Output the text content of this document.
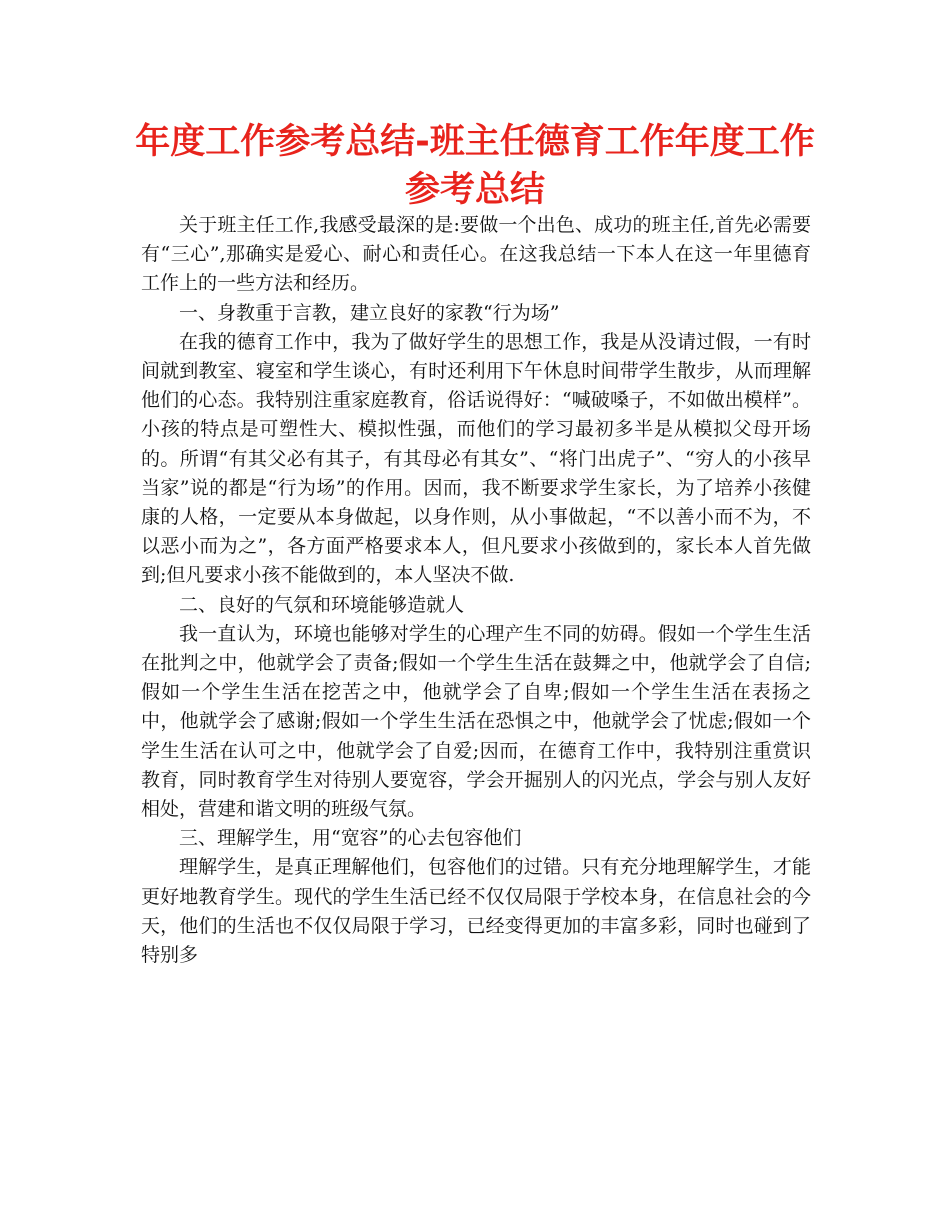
年度工作参考总结-班主任德育工作年度工作参考总结

关于班主任工作,我感受最深的是:要做一个出色、成功的班主任,首先必需要有“三心”,那确实是爱心、耐心和责任心。在这我总结一下本人在这一年里德育工作上的一些方法和经历。

一、身教重于言教，建立良好的家教“行为场”

在我的德育工作中，我为了做好学生的思想工作，我是从没请过假，一有时间就到教室、寝室和学生谈心，有时还利用下午休息时间带学生散步，从而理解他们的心态。我特别注重家庭教育，俗话说得好：“喊破嗓子，不如做出模样”。小孩的特点是可塑性大、模拟性强，而他们的学习最初多半是从模拟父母开场的。所谓“有其父必有其子，有其母必有其女”、“将门出虎子”、“穷人的小孩早当家”说的都是“行为场”的作用。因而，我不断要求学生家长，为了培养小孩健康的人格，一定要从本身做起，以身作则，从小事做起，“不以善小而不为，不以恶小而为之”，各方面严格要求本人，但凡要求小孩做到的，家长本人首先做到;但凡要求小孩不能做到的，本人坚决不做.

二、良好的气氛和环境能够造就人

我一直认为，环境也能够对学生的心理产生不同的妨碍。假如一个学生生活在批判之中，他就学会了责备;假如一个学生生活在鼓舞之中，他就学会了自信;假如一个学生生活在挖苦之中，他就学会了自卑;假如一个学生生活在表扬之中，他就学会了感谢;假如一个学生生活在恐惧之中，他就学会了忧虑;假如一个学生生活在认可之中，他就学会了自爱;因而，在德育工作中，我特别注重赏识教育，同时教育学生对待别人要宽容，学会开掘别人的闪光点，学会与别人友好相处，营建和谐文明的班级气氛。

三、理解学生，用“宽容”的心去包容他们

理解学生，是真正理解他们，包容他们的过错。只有充分地理解学生，才能更好地教育学生。现代的学生生活已经不仅仅局限于学校本身，在信息社会的今天，他们的生活也不仅仅局限于学习，已经变得更加的丰富多彩，同时也碰到了特别多
